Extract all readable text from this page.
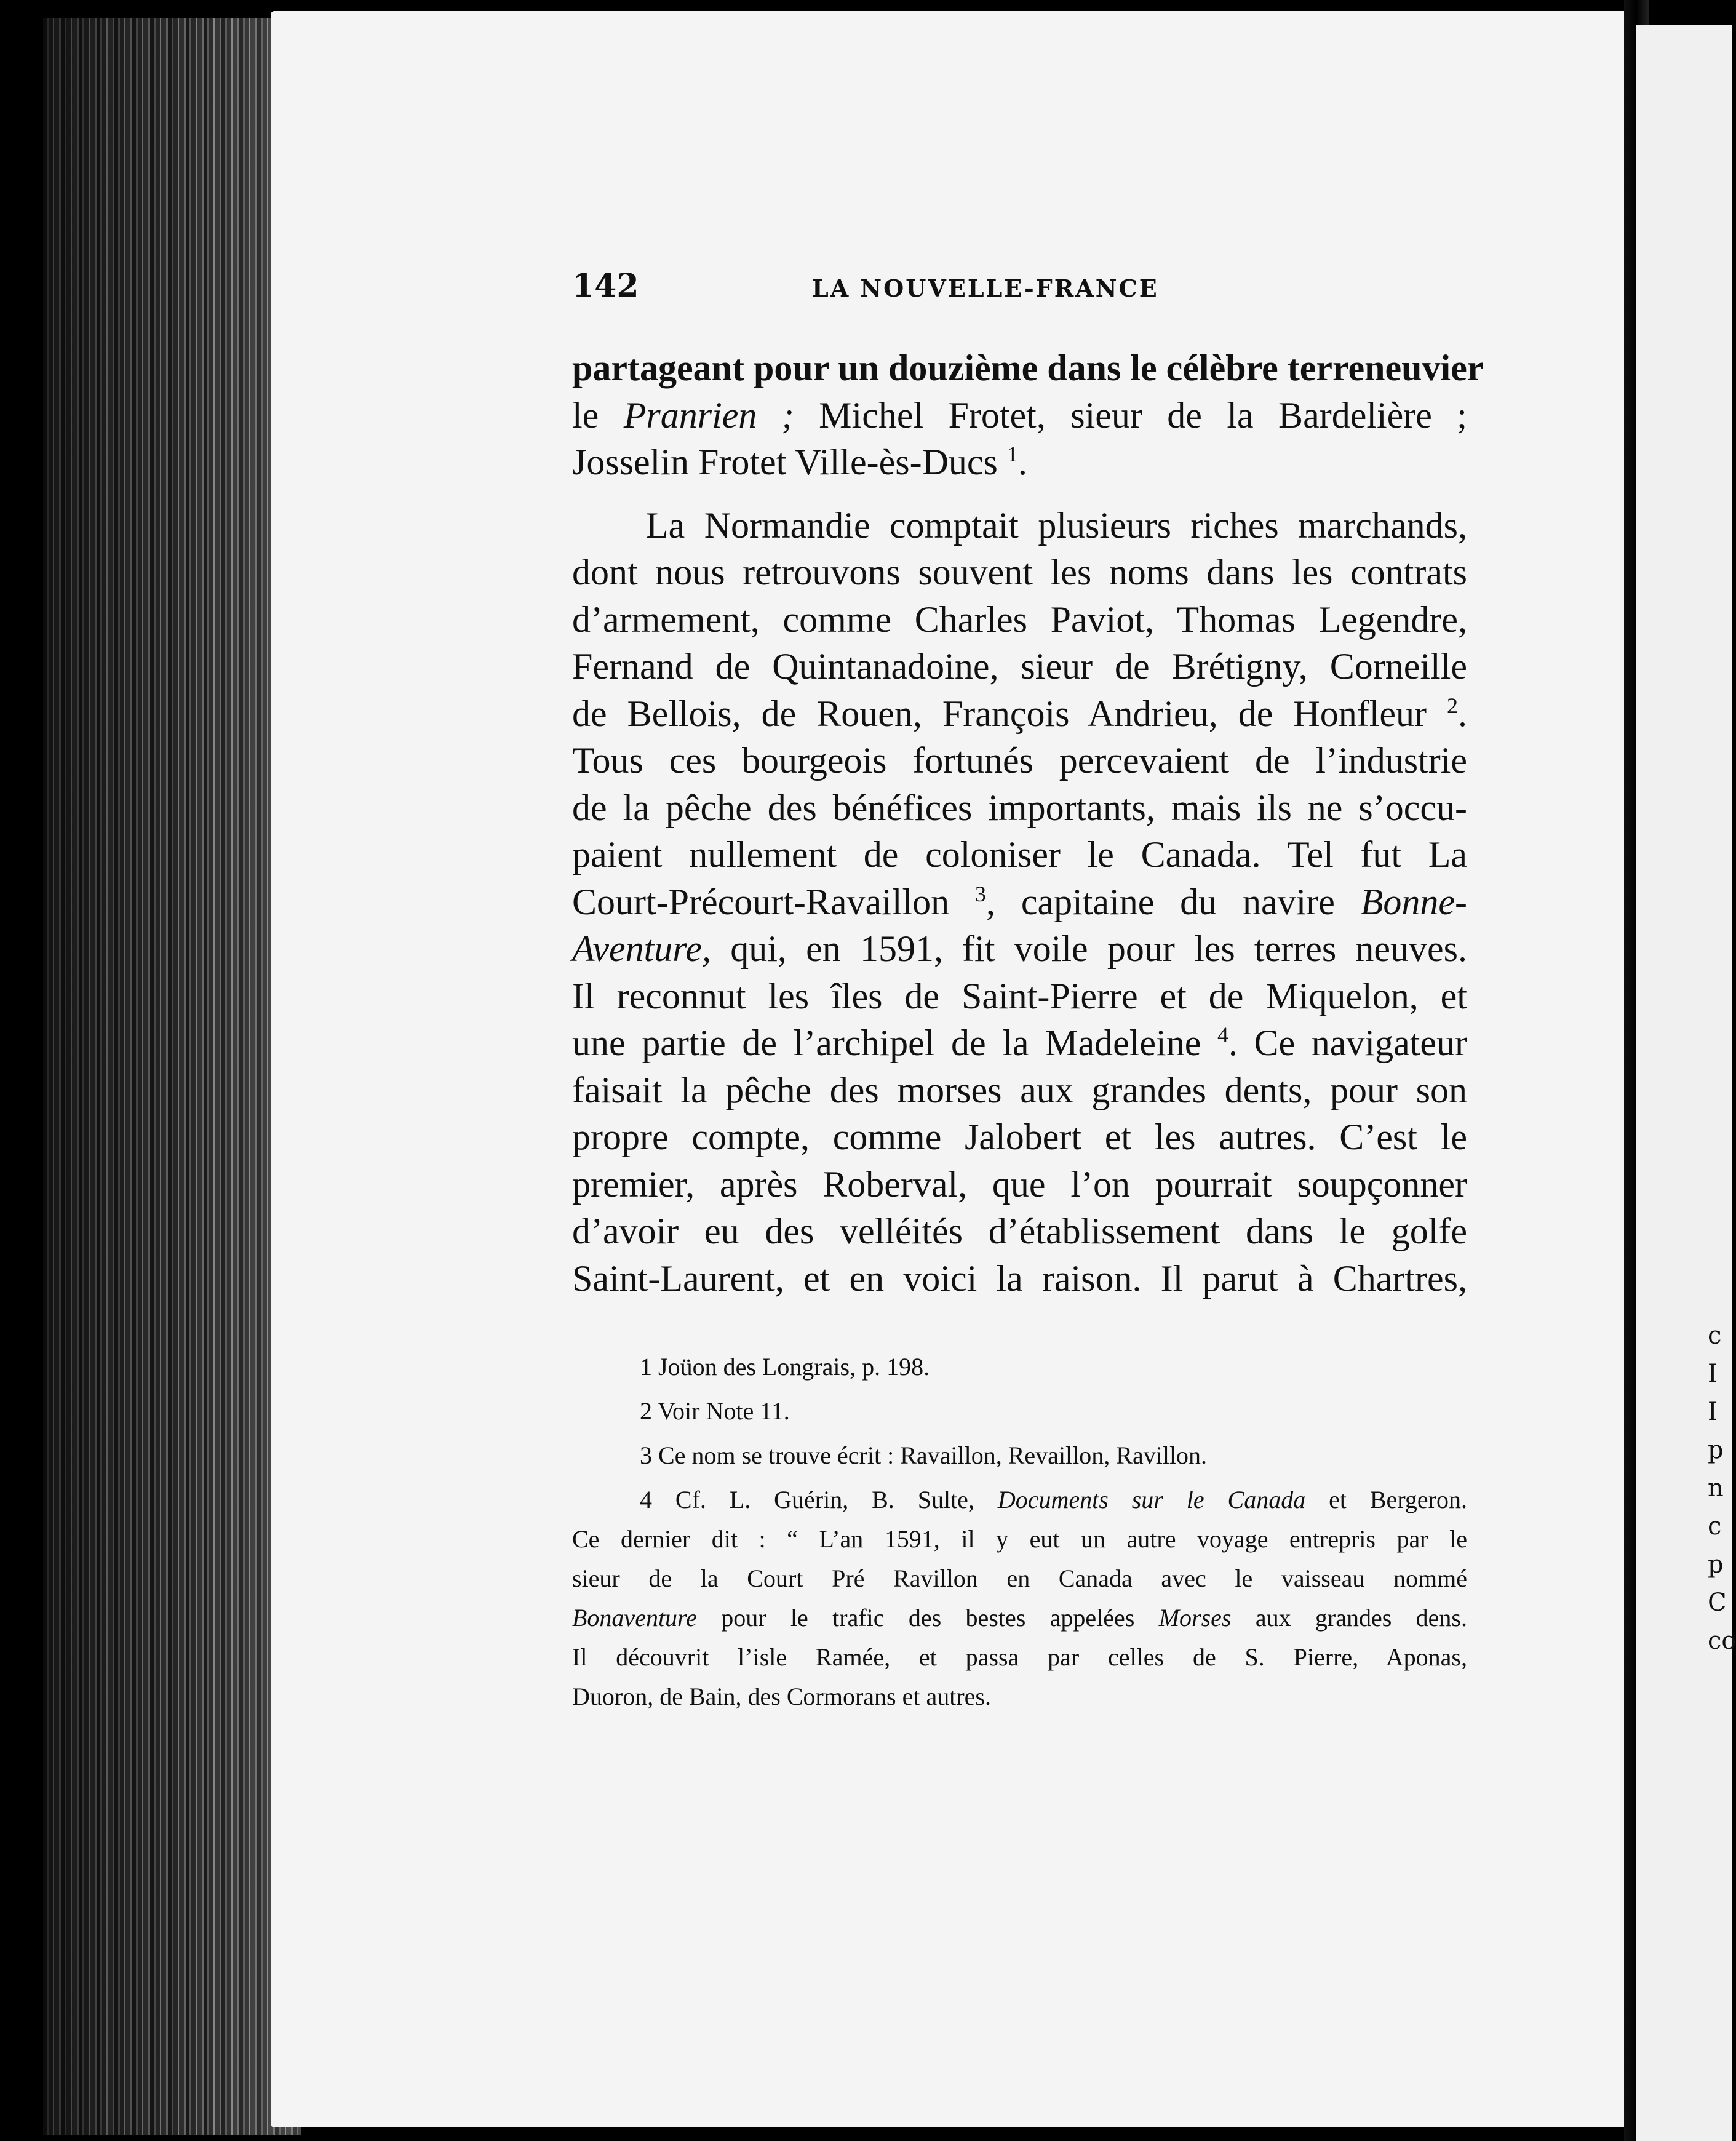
c
I
I
p
n
c
p
C
co
142	LA NOUVELLE-FRANCE
partageant pour un douzième dans le célèbre terreneuvier
le Pranrien ; Michel Frotet, sieur de la Bardelière ;
Josselin Frotet Ville-ès-Ducs $^1$.
La Normandie comptait plusieurs riches marchands,
dont nous retrouvons souvent les noms dans les contrats
d’armement, comme Charles Paviot, Thomas Legendre,
Fernand de Quintanadoine, sieur de Brétigny, Corneille
de Bellois, de Rouen, François Andrieu, de Honfleur $^2$.
Tous ces bourgeois fortunés percevaient de l’industrie
de la pêche des bénéfices importants, mais ils ne s’occu-
paient nullement de coloniser le Canada. Tel fut La
Court-Précourt-Ravaillon $^3$, capitaine du navire Bonne-
Aventure, qui, en 1591, fit voile pour les terres neuves.
Il reconnut les îles de Saint-Pierre et de Miquelon, et
une partie de l’archipel de la Madeleine $^4$. Ce navigateur
faisait la pêche des morses aux grandes dents, pour son
propre compte, comme Jalobert et les autres. C’est le
premier, après Roberval, que l’on pourrait soupçonner
d’avoir eu des velléités d’établissement dans le golfe
Saint-Laurent, et en voici la raison. Il parut à Chartres,
1 Joüon des Longrais, p. 198.
2 Voir Note 11.
3 Ce nom se trouve écrit : Ravaillon, Revaillon, Ravillon.
4 Cf. L. Guérin, B. Sulte, Documents sur le Canada et Bergeron.
Ce dernier dit : “ L’an 1591, il y eut un autre voyage entrepris par le
sieur de la Court Pré Ravillon en Canada avec le vaisseau nommé
Bonaventure pour le trafic des bestes appelées Morses aux grandes dens.
Il découvrit l’isle Ramée, et passa par celles de S. Pierre, Aponas,
Duoron, de Bain, des Cormorans et autres.
